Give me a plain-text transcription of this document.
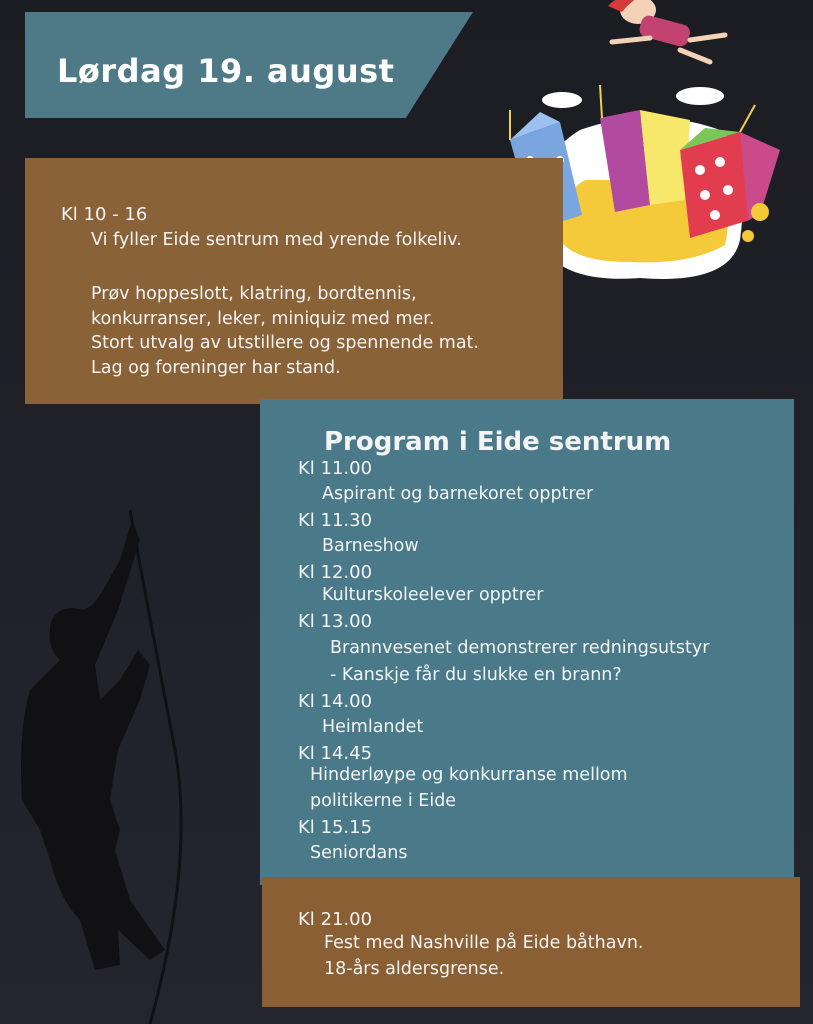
Lørdag 19. august
Kl 10 - 16
Vi fyller Eide sentrum med yrende folkeliv.
Prøv hoppeslott, klatring, bordtennis,
konkurranser, leker, miniquiz med mer.
Stort utvalg av utstillere og spennende mat.
Lag og foreninger har stand.
Program i Eide sentrum
Kl 11.00
Aspirant og barnekoret opptrer
Kl 11.30
Barneshow
Kl 12.00
Kulturskoleelever opptrer
Kl 13.00
Brannvesenet demonstrerer redningsutstyr
- Kanskje får du slukke en brann?
Kl 14.00
Heimlandet
Kl 14.45
Hinderløype og konkurranse mellom
politikerne i Eide
Kl 15.15
Seniordans
Kl 21.00
Fest med Nashville på Eide båthavn.
18-års aldersgrense.
